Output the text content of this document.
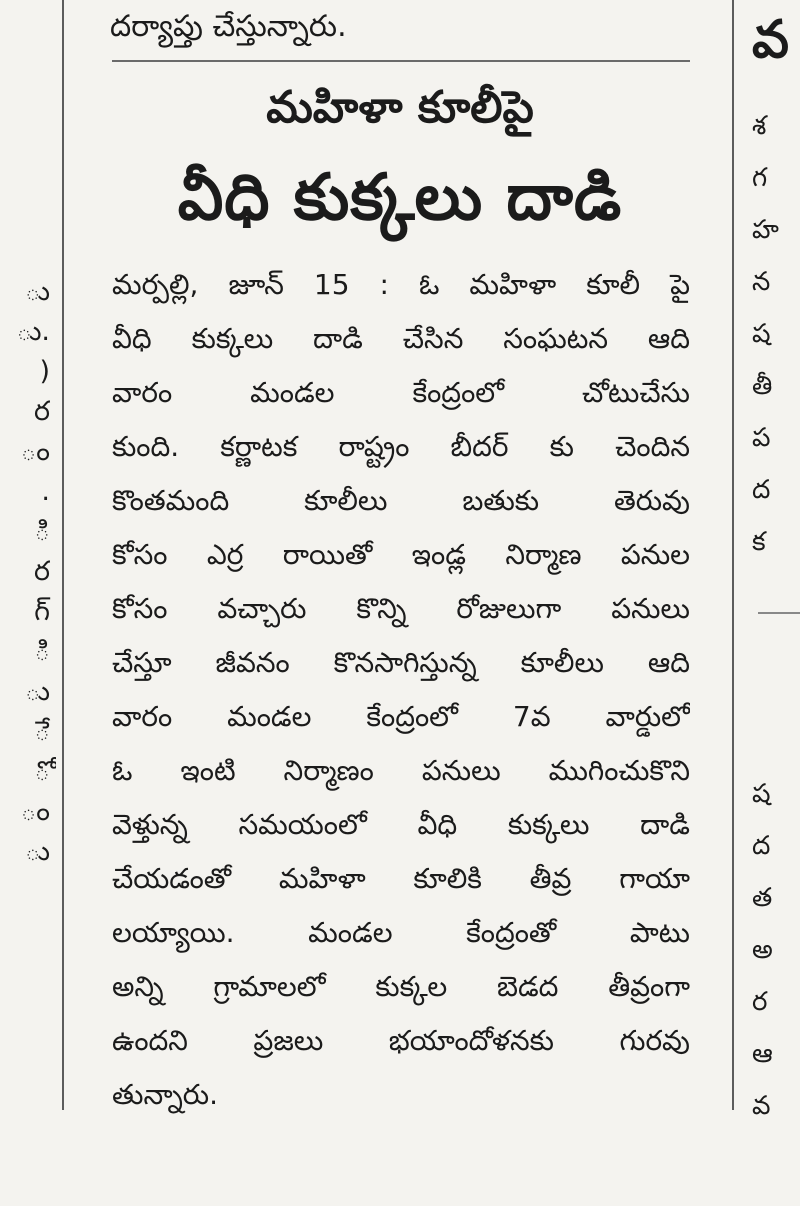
ు
ు.
)
ర
ం
.
ి
ర
గ్
ి
ు
ే
ో
ం
ు
దర్యాప్తు చేస్తున్నారు.
మహిళా కూలీపై
వీధి కుక్కలు దాడి
మర్పల్లి, జూన్ 15 : ఓ మహిళా కూలీ పై
వీధి కుక్కలు దాడి చేసిన సంఘటన ఆది
వారం మండల కేంద్రంలో చోటుచేసు
కుంది. కర్ణాటక రాష్ట్రం బీదర్ కు చెందిన
కొంతమంది కూలీలు బతుకు తెరువు
కోసం ఎర్ర రాయితో ఇండ్ల నిర్మాణ పనుల
కోసం వచ్చారు కొన్ని రోజులుగా పనులు
చేస్తూ జీవనం కొనసాగిస్తున్న కూలీలు ఆది
వారం మండల కేంద్రంలో 7వ వార్డులో
ఓ ఇంటి నిర్మాణం పనులు ముగించుకొని
వెళ్తున్న సమయంలో వీధి కుక్కలు దాడి
చేయడంతో మహిళా కూలికి తీవ్ర గాయా
లయ్యాయి. మండల కేంద్రంతో పాటు
అన్ని గ్రామాలలో కుక్కల బెడద తీవ్రంగా
ఉందని ప్రజలు భయాందోళనకు గురవు
తున్నారు.
వ
శ
గ
హ
న
ష
తీ
ప
ద
క
ష
ద
త
అ
ర
ఆ
వ
